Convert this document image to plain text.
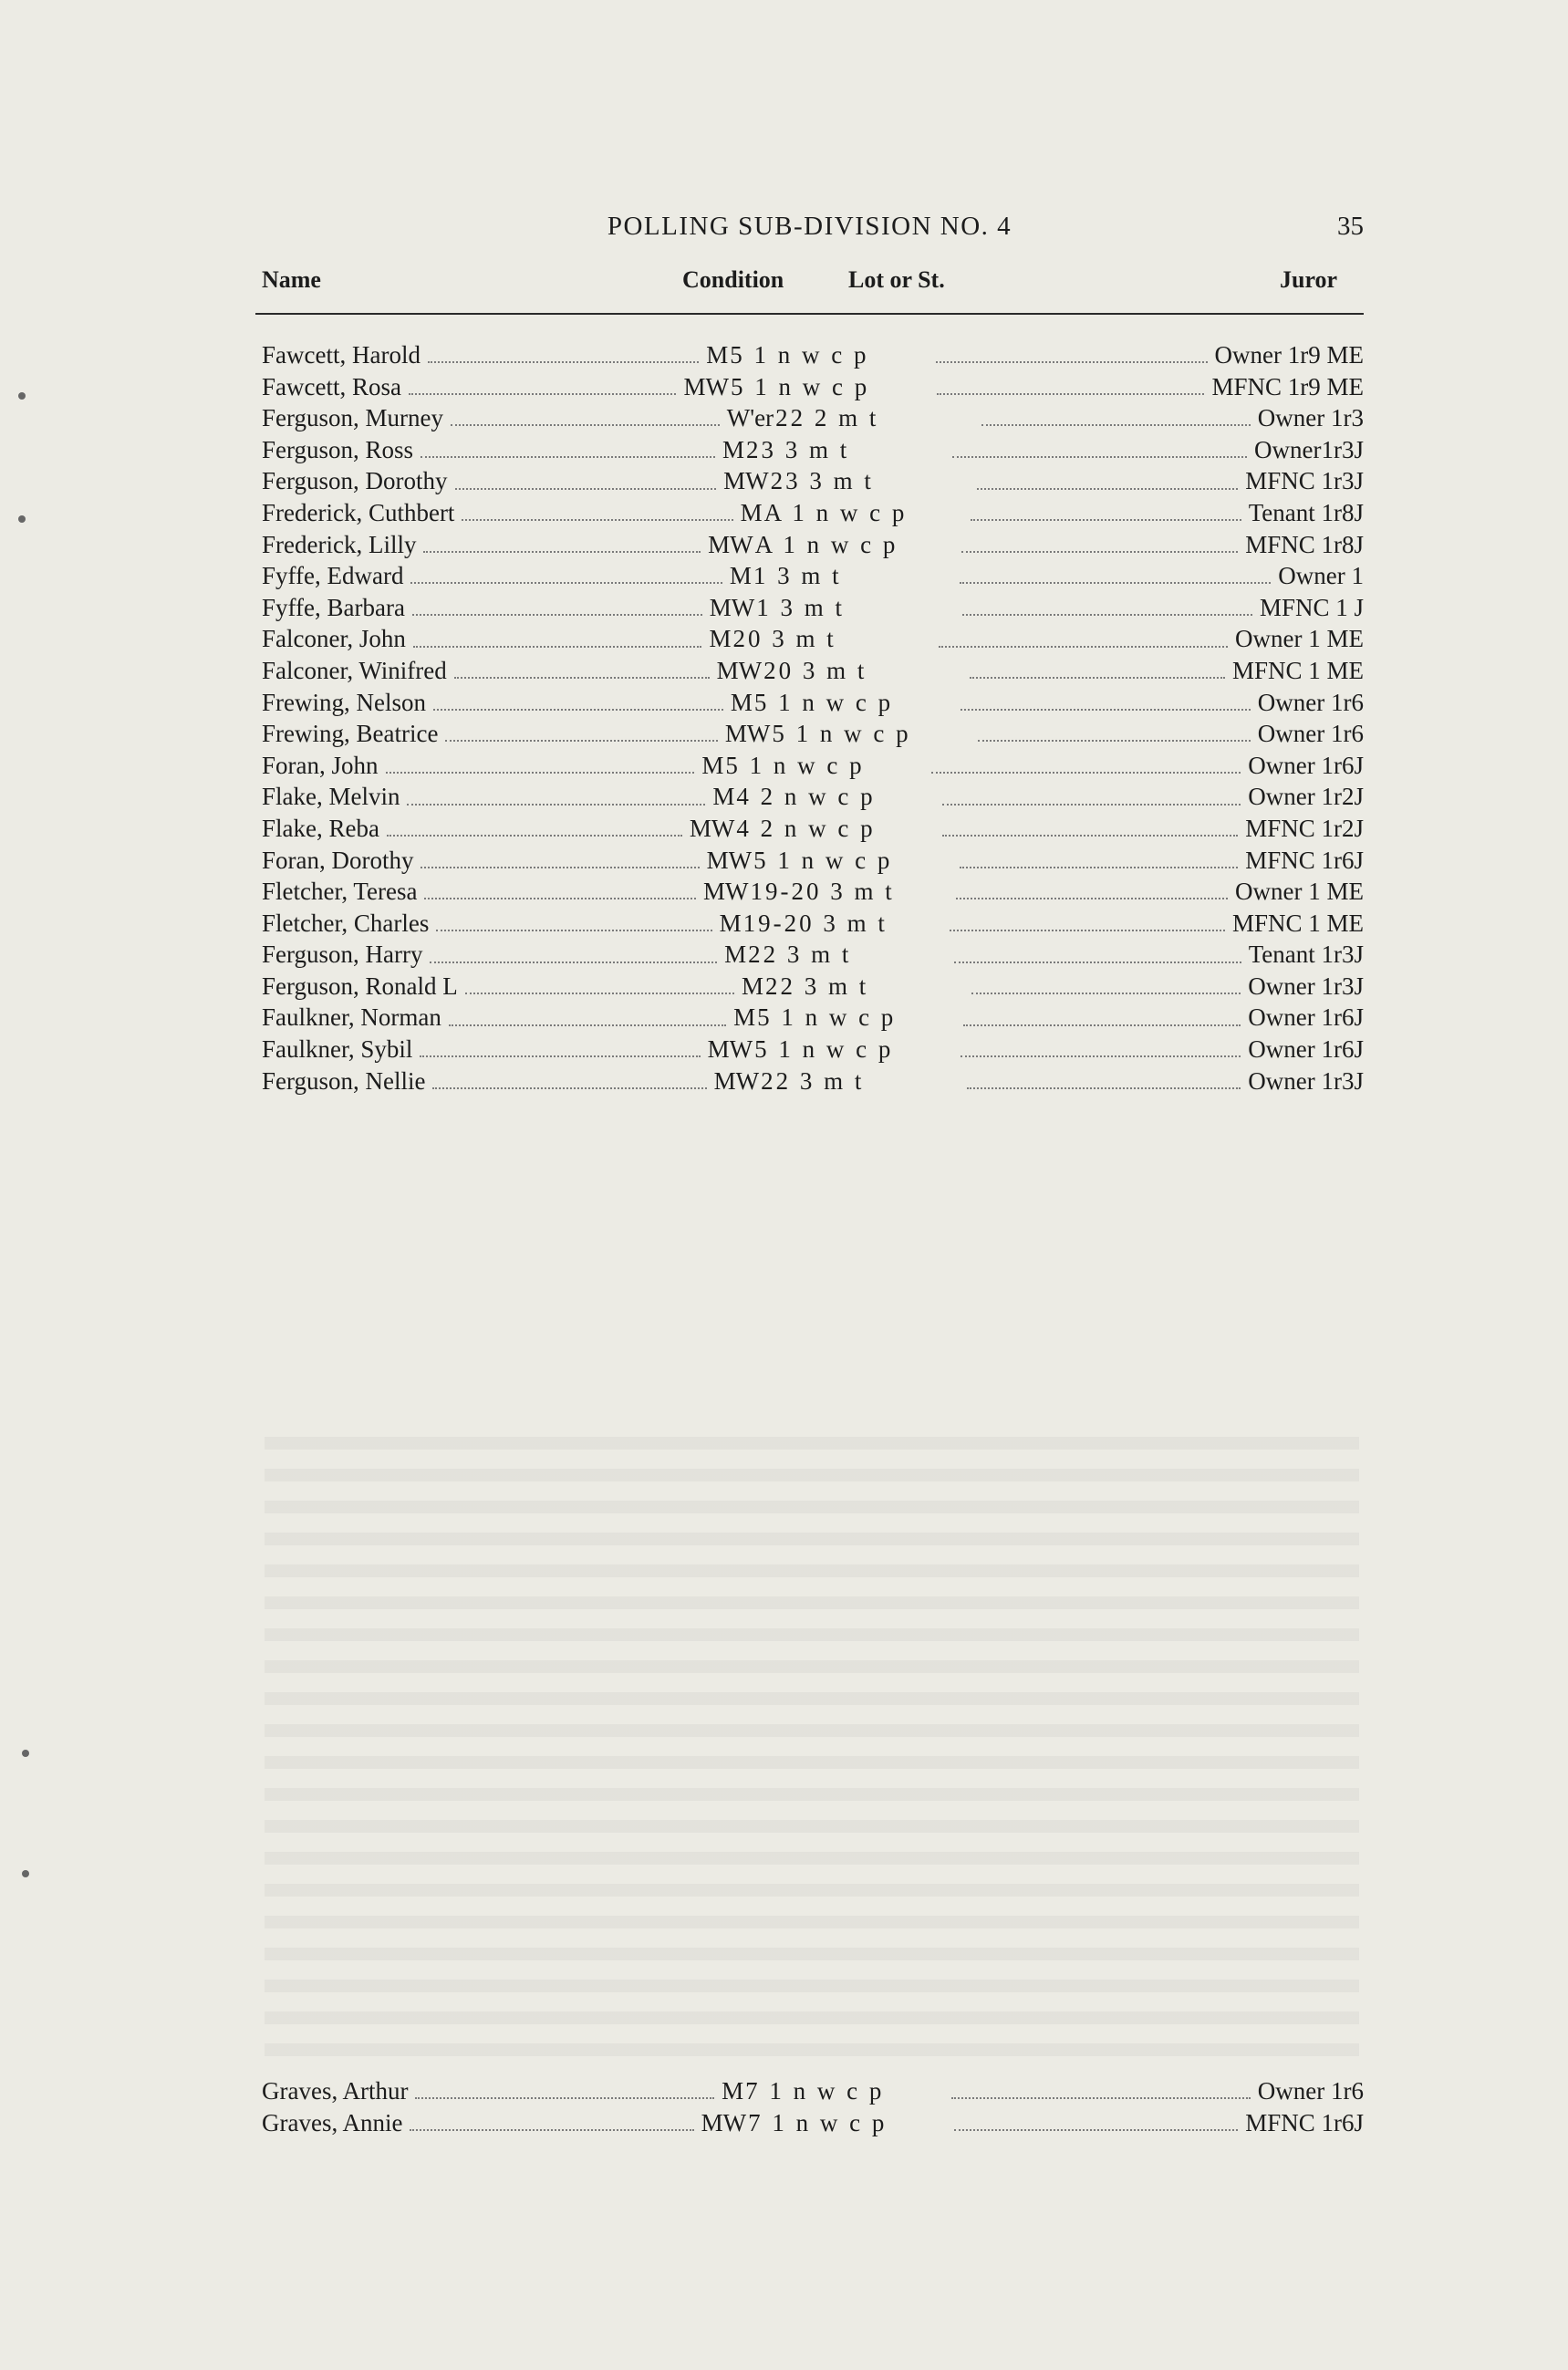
POLLING SUB-DIVISION NO. 4	35
Name	Condition	Lot or St.	Juror
Fawcett, Harold	M 5 1 n w c p	Owner 1r9 ME
Fawcett, Rosa	MW 5 1 n w c p	MFNC 1r9 ME
Ferguson, Murney	W'er 22 2 m t	Owner 1r3
Ferguson, Ross	M 23 3 m t	Owner1r3J
Ferguson, Dorothy	MW 23 3 m t	MFNC 1r3J
Frederick, Cuthbert	M A 1 n w c p	Tenant 1r8J
Frederick, Lilly	MW A 1 n w c p	MFNC 1r8J
Fyffe, Edward	M 1 3 m t	Owner 1
Fyffe, Barbara	MW 1 3 m t	MFNC 1 J
Falconer, John	M 20 3 m t	Owner 1 ME
Falconer, Winifred	MW 20 3 m t	MFNC 1 ME
Frewing, Nelson	M 5 1 n w c p	Owner 1r6
Frewing, Beatrice	MW 5 1 n w c p	Owner 1r6
Foran, John	M 5 1 n w c p	Owner 1r6J
Flake, Melvin	M 4 2 n w c p	Owner 1r2J
Flake, Reba	MW 4 2 n w c p	MFNC 1r2J
Foran, Dorothy	MW 5 1 n w c p	MFNC 1r6J
Fletcher, Teresa	MW 19-20 3 m t	Owner 1 ME
Fletcher, Charles	M 19-20 3 m t	MFNC 1 ME
Ferguson, Harry	M 22 3 m t	Tenant 1r3J
Ferguson, Ronald L	M 22 3 m t	Owner 1r3J
Faulkner, Norman	M 5 1 n w c p	Owner 1r6J
Faulkner, Sybil	MW 5 1 n w c p	Owner 1r6J
Ferguson, Nellie	MW 22 3 m t	Owner 1r3J
Graves, Arthur	M 7 1 n w c p	Owner 1r6
Graves, Annie	MW 7 1 n w c p	MFNC 1r6J
